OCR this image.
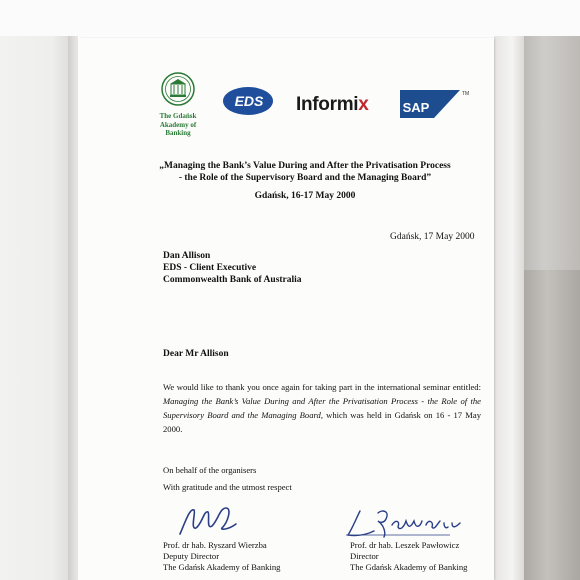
The Gdańsk
Akademy of Banking
EDS Informix	SAP
TM
„Managing the Bank’s Value During and After the Privatisation Process
- the Role of the Supervisory Board and the Managing Board”
Gdańsk, 16-17 May 2000
Gdańsk, 17 May 2000
Dan Allison
EDS - Client Executive
Commonwealth Bank of Australia
Dear Mr Allison
We would like to thank you once again for taking part in the international seminar entitled: Managing the Bank’s Value During and After the Privatisation Process - the Role of the Supervisory Board and the Managing Board, which was held in Gdańsk on 16 - 17 May 2000.
On behalf of the organisers
With gratitude and the utmost respect
Prof. dr hab. Ryszard Wierzba
Deputy Director
The Gdańsk Akademy of Banking
Prof. dr hab. Leszek Pawłowicz
Director
The Gdańsk Akademy of Banking
